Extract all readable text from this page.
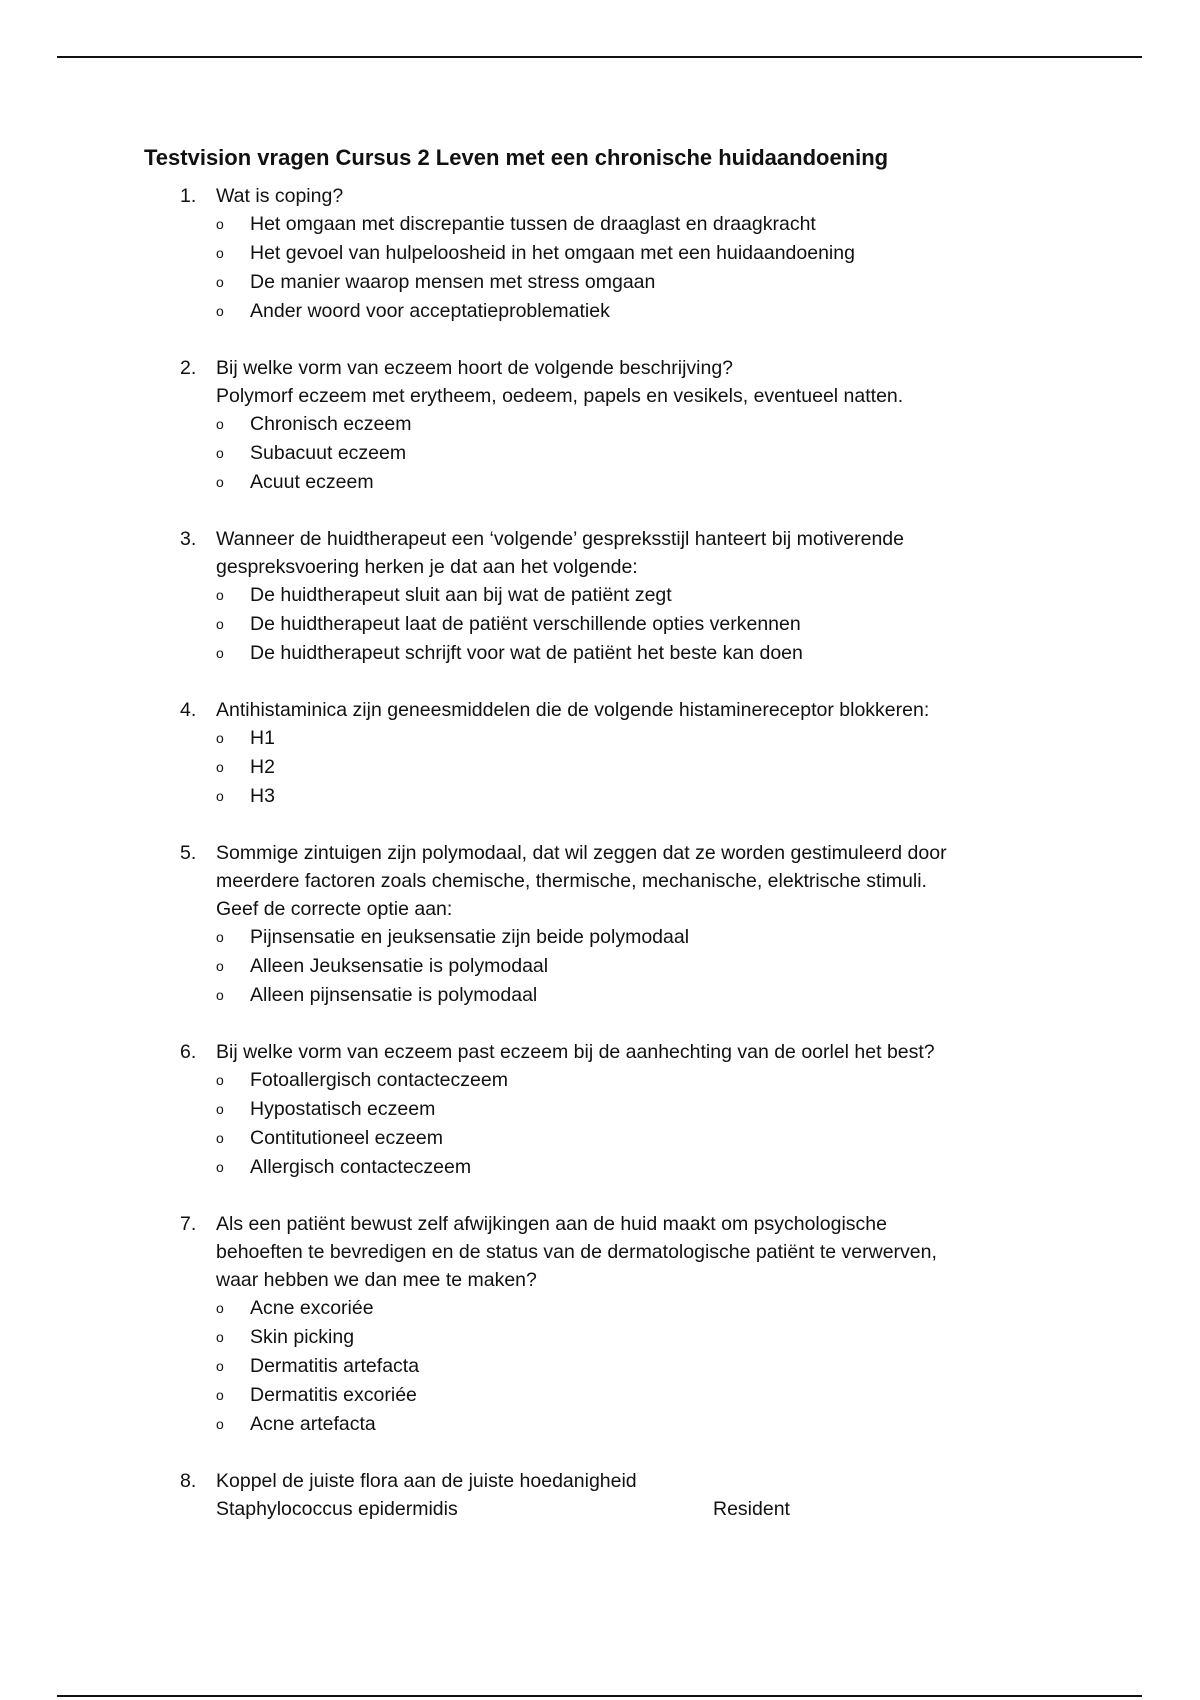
Testvision vragen Cursus 2 Leven met een chronische huidaandoening
1. Wat is coping?
o Het omgaan met discrepantie tussen de draaglast en draagkracht
o Het gevoel van hulpeloosheid in het omgaan met een huidaandoening
o De manier waarop mensen met stress omgaan
o Ander woord voor acceptatieproblematiek
2. Bij welke vorm van eczeem hoort de volgende beschrijving?
Polymorf eczeem met erytheem, oedeem, papels en vesikels, eventueel natten.
o Chronisch eczeem
o Subacuut eczeem
o Acuut eczeem
3. Wanneer de huidtherapeut een ‘volgende’ gespreksstijl hanteert bij motiverende
gespreksvoering herken je dat aan het volgende:
o De huidtherapeut sluit aan bij wat de patiënt zegt
o De huidtherapeut laat de patiënt verschillende opties verkennen
o De huidtherapeut schrijft voor wat de patiënt het beste kan doen
4. Antihistaminica zijn geneesmiddelen die de volgende histaminereceptor blokkeren:
o H1
o H2
o H3
5. Sommige zintuigen zijn polymodaal, dat wil zeggen dat ze worden gestimuleerd door
meerdere factoren zoals chemische, thermische, mechanische, elektrische stimuli.
Geef de correcte optie aan:
o Pijnsensatie en jeuksensatie zijn beide polymodaal
o Alleen Jeuksensatie is polymodaal
o Alleen pijnsensatie is polymodaal
6. Bij welke vorm van eczeem past eczeem bij de aanhechting van de oorlel het best?
o Fotoallergisch contacteczeem
o Hypostatisch eczeem
o Contitutioneel eczeem
o Allergisch contacteczeem
7. Als een patiënt bewust zelf afwijkingen aan de huid maakt om psychologische
behoeften te bevredigen en de status van de dermatologische patiënt te verwerven,
waar hebben we dan mee te maken?
o Acne excoriée
o Skin picking
o Dermatitis artefacta
o Dermatitis excoriée
o Acne artefacta
8. Koppel de juiste flora aan de juiste hoedanigheid
Staphylococcus epidermidis	Resident
